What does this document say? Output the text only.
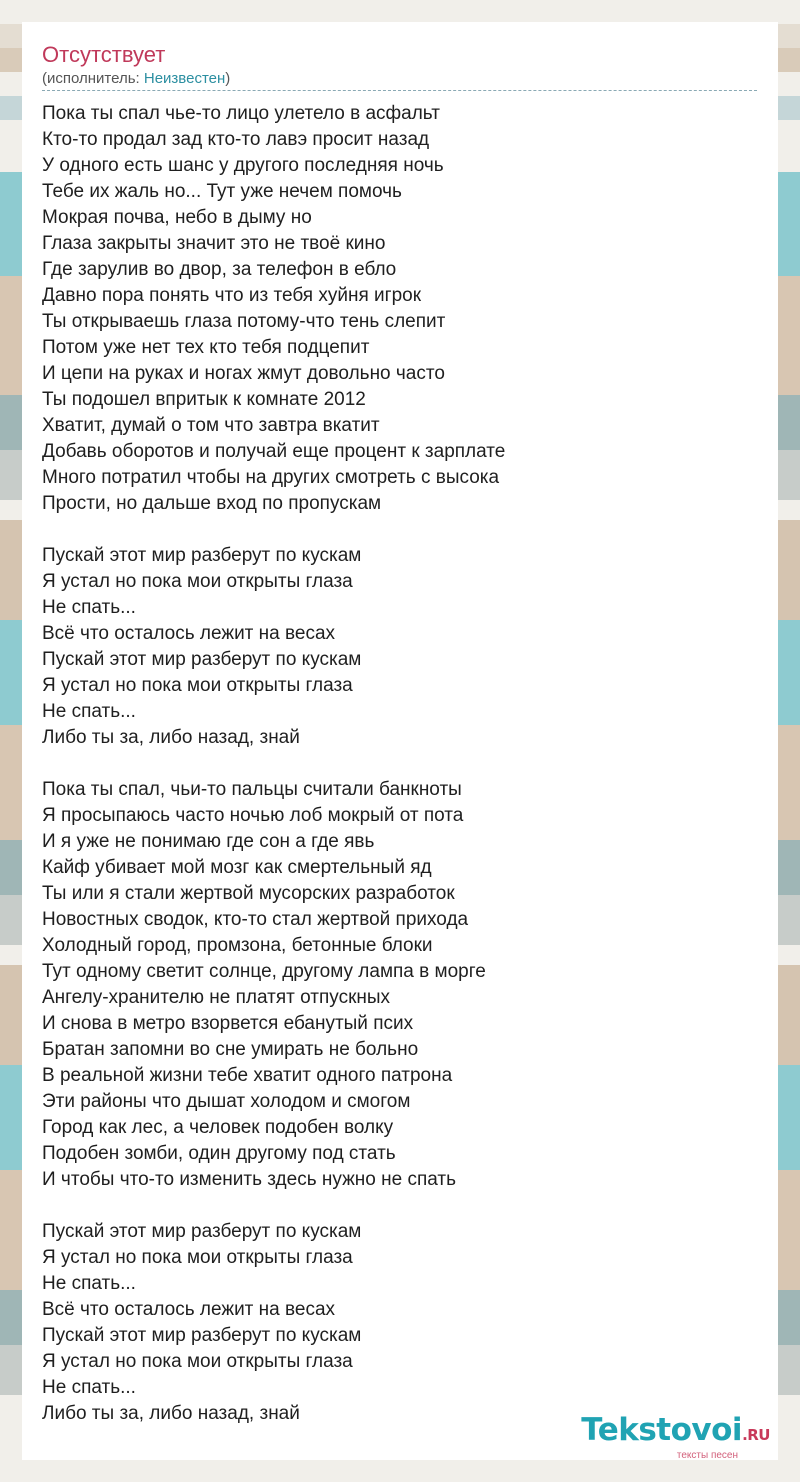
Отсутствует
(исполнитель: Неизвестен)
Пока ты спал чье-то лицо улетело в асфальт
Кто-то продал зад кто-то лавэ просит назад
У одного есть шанс у другого последняя ночь
Тебе их жаль но... Тут уже нечем помочь
Мокрая почва, небо в дыму но
Глаза закрыты значит это не твоё кино
Где зарулив во двор, за телефон в еблo
Давно пора понять что из тебя хуйня игрок
Ты открываешь глаза потому-что тень слепит
Потом уже нет тех кто тебя подцепит
И цепи на руках и ногах жмут довольно часто
Ты подошел впритык к комнате 2012
Хватит, думай о том что завтра вкатит
Добавь оборотов и получай еще процент к зарплате
Много потратил чтобы на других смотреть с высока
Прости, но дальше вход по пропускам
Пускай этот мир разберут по кускам
Я устал но пока мои открыты глаза
Не спать...
Всё что осталось лежит на весах
Пускай этот мир разберут по кускам
Я устал но пока мои открыты глаза
Не спать...
Либо ты за, либо назад, знай
Пока ты спал, чьи-то пальцы считали банкноты
Я просыпаюсь часто ночью лоб мокрый от пота
И я уже не понимаю где сон а где явь
Кайф убивает мой мозг как смертельный яд
Ты или я стали жертвой мусорских разработок
Новостных сводок, кто-то стал жертвой прихода
Холодный город, промзона, бетонные блоки
Тут одному светит солнце, другому лампа в морге
Ангелу-хранителю не платят отпускных
И снова в метро взорвется ебанутый псих
Братан запомни во сне умирать не больно
В реальной жизни тебе хватит одного патрона
Эти районы что дышат холодом и смогом
Город как лес, а человек подобен волку
Подобен зомби, один другому под стать
И чтобы что-то изменить здесь нужно не спать
Пускай этот мир разберут по кускам
Я устал но пока мои открыты глаза
Не спать...
Всё что осталось лежит на весах
Пускай этот мир разберут по кускам
Я устал но пока мои открыты глаза
Не спать...
Либо ты за, либо назад, знай	Tekstovoi.RU
тексты песен
